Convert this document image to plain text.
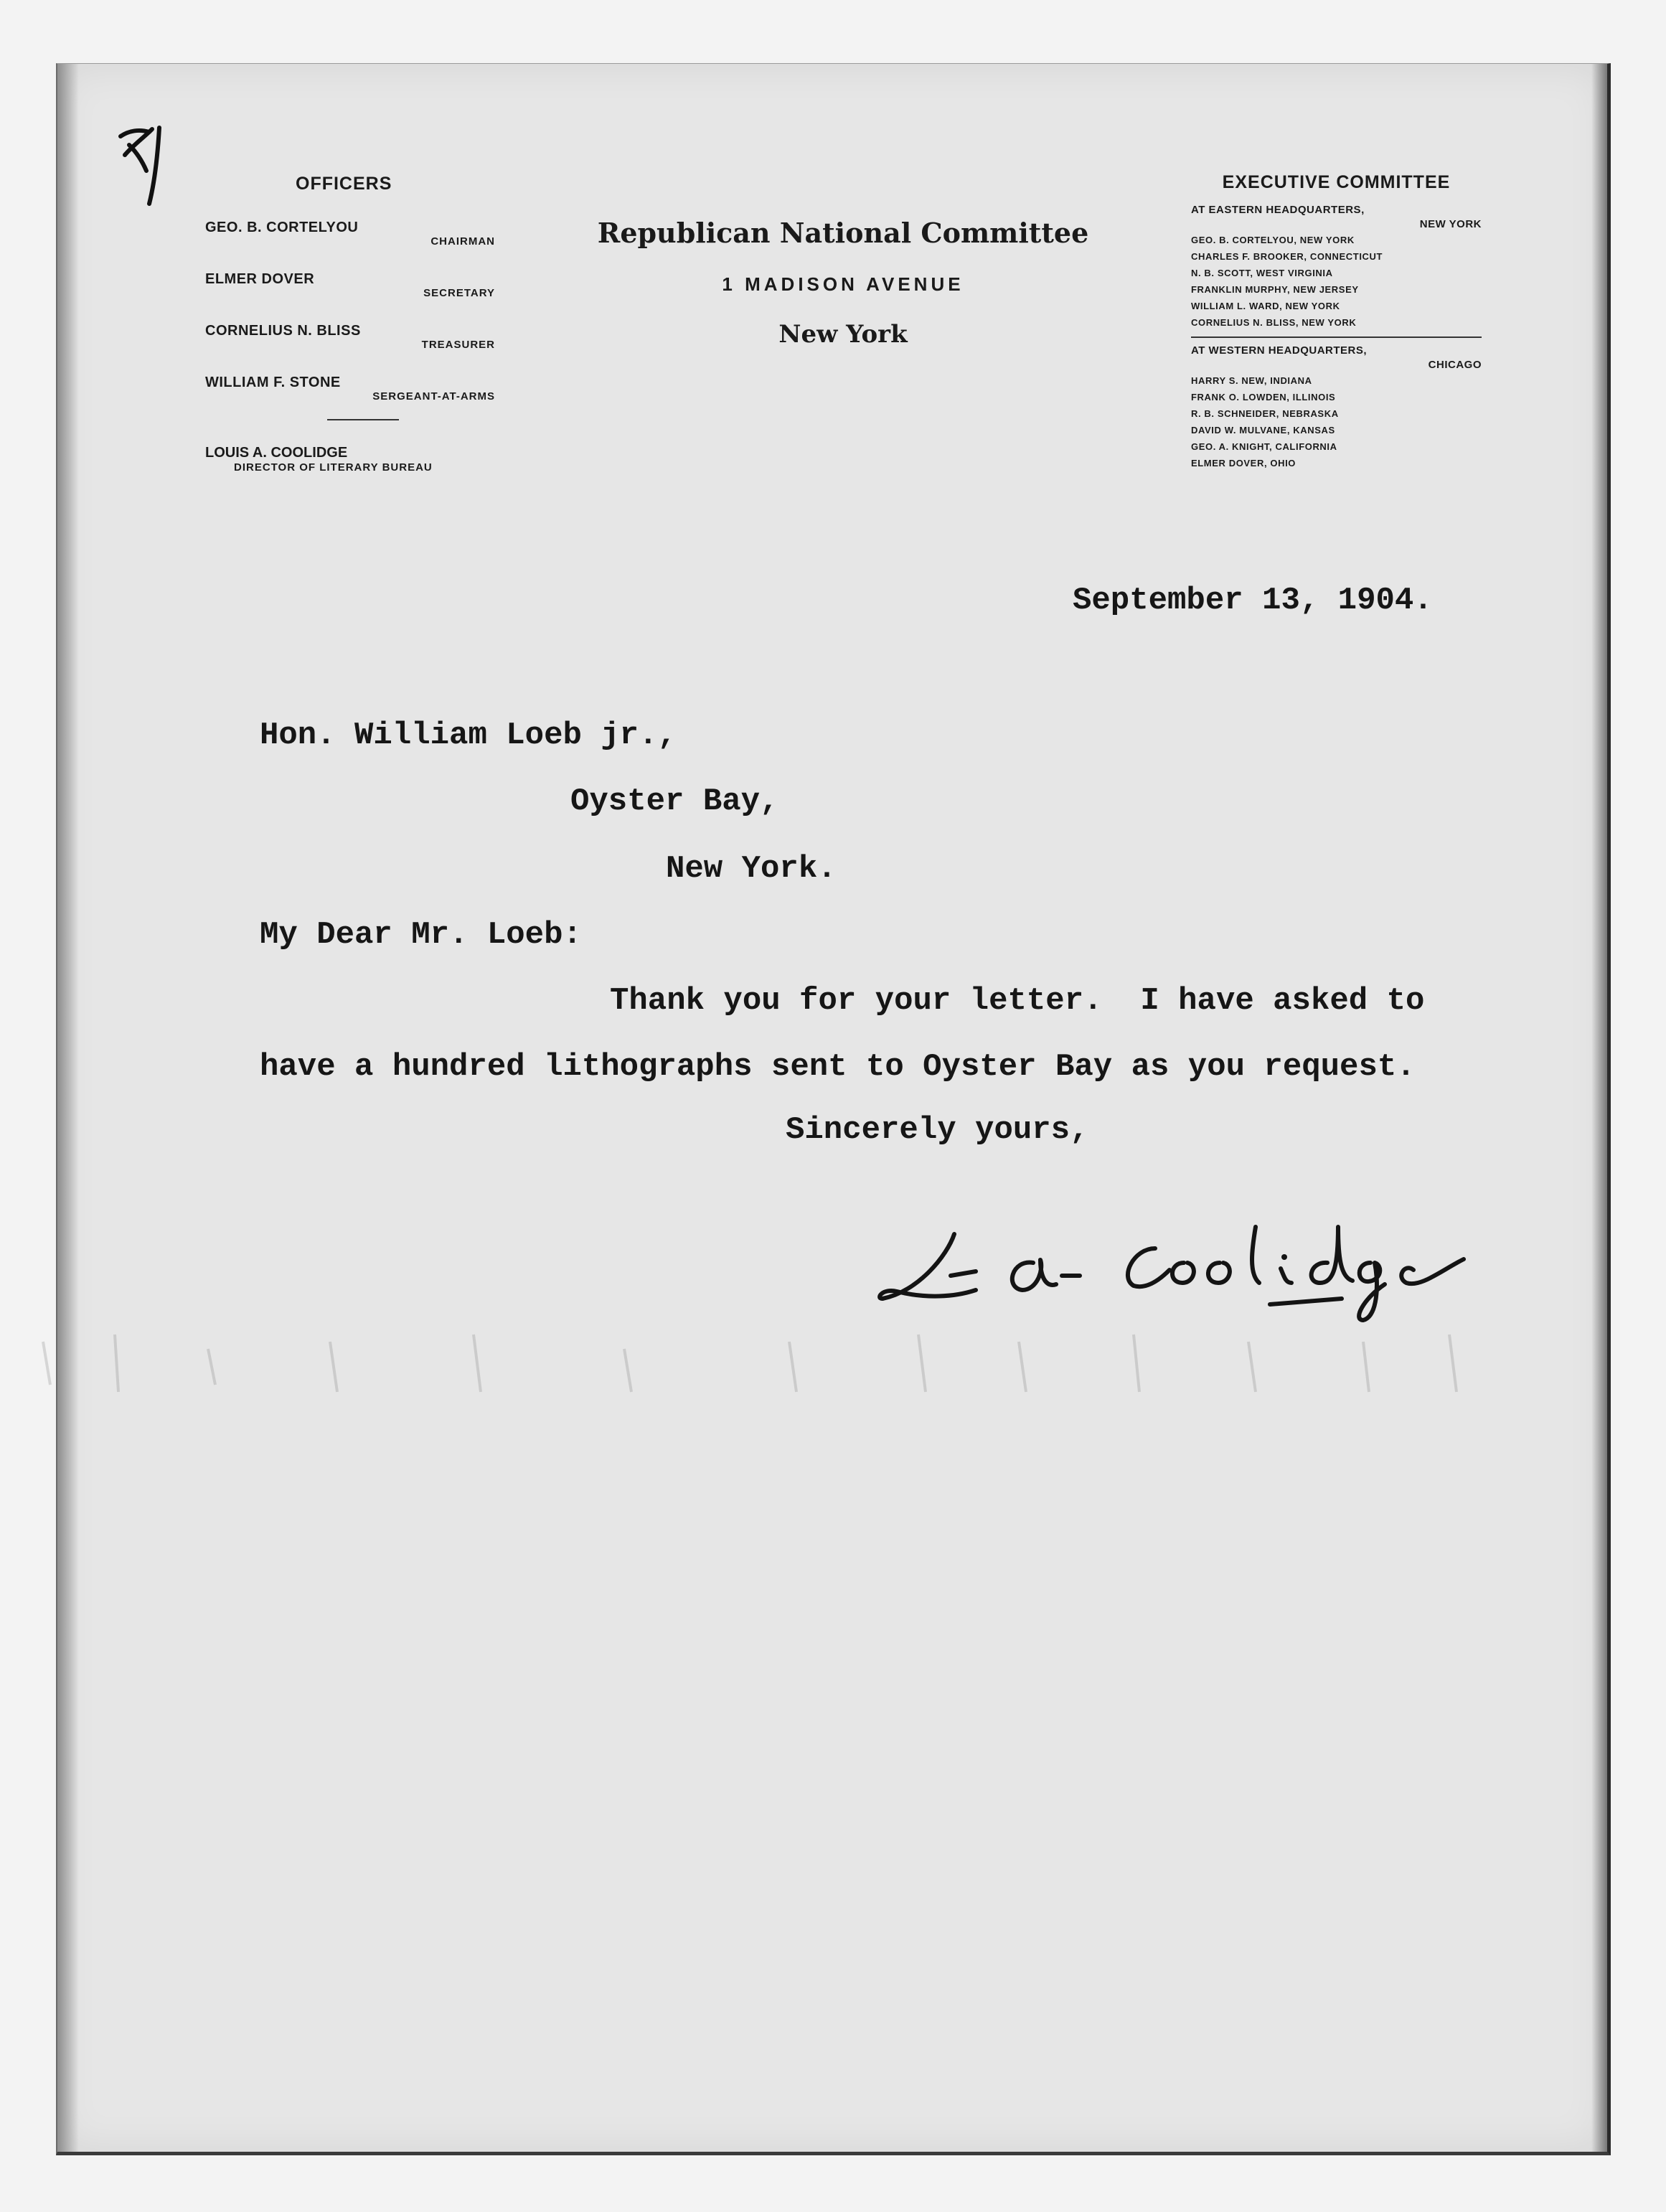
OFFICERS
GEO. B. CORTELYOU
CHAIRMAN
ELMER DOVER
SECRETARY
CORNELIUS N. BLISS
TREASURER
WILLIAM F. STONE
SERGEANT-AT-ARMS
LOUIS A. COOLIDGE
DIRECTOR OF LITERARY BUREAU
Republican National Committee
1 MADISON AVENUE
New York
EXECUTIVE COMMITTEE
AT EASTERN HEADQUARTERS,
NEW YORK
GEO. B. CORTELYOU, NEW YORK
CHARLES F. BROOKER, CONNECTICUT
N. B. SCOTT, WEST VIRGINIA
FRANKLIN MURPHY, NEW JERSEY
WILLIAM L. WARD, NEW YORK
CORNELIUS N. BLISS, NEW YORK
AT WESTERN HEADQUARTERS,
CHICAGO
HARRY S. NEW, INDIANA
FRANK O. LOWDEN, ILLINOIS
R. B. SCHNEIDER, NEBRASKA
DAVID W. MULVANE, KANSAS
GEO. A. KNIGHT, CALIFORNIA
ELMER DOVER, OHIO
September 13, 1904.
Hon. William Loeb jr.,
Oyster Bay,
New York.
My Dear Mr. Loeb:
Thank you for your letter.  I have asked to
have a hundred lithographs sent to Oyster Bay as you request.
Sincerely yours,
